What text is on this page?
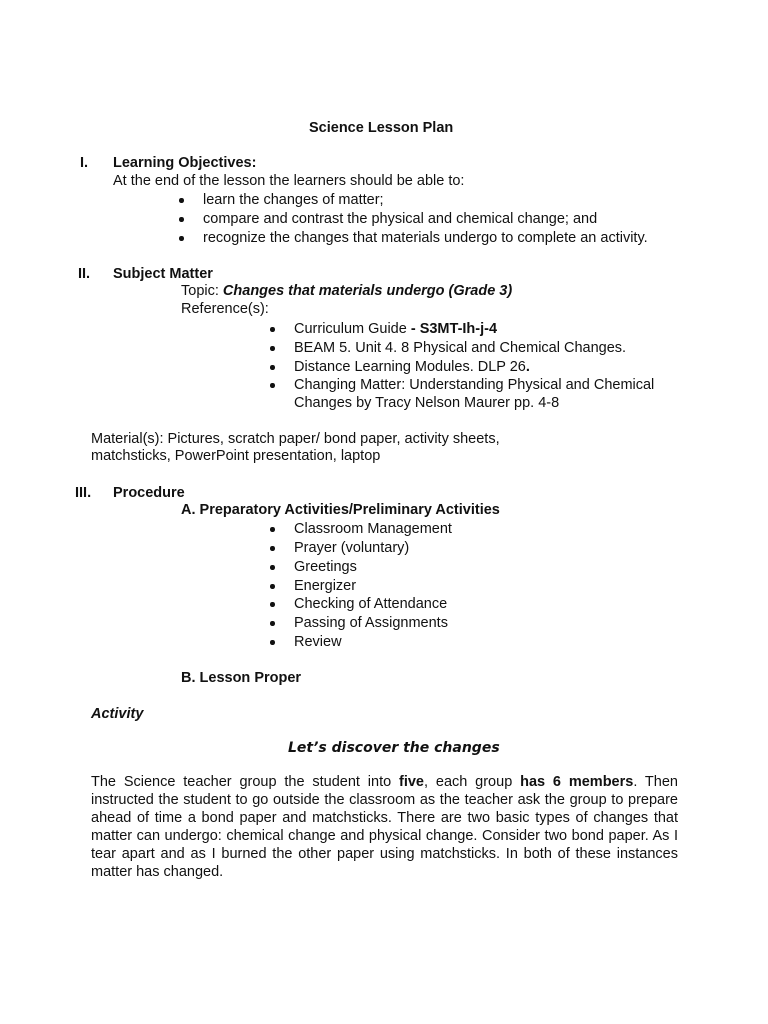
Science Lesson Plan
I. Learning Objectives:
At the end of the lesson the learners should be able to:
learn the changes of matter;
compare and contrast the physical and chemical change; and
recognize the changes that materials undergo to complete an activity.
II. Subject Matter
Topic: Changes that materials undergo (Grade 3)
Reference(s):
Curriculum Guide - S3MT-Ih-j-4
BEAM 5. Unit 4. 8 Physical and Chemical Changes.
Distance Learning Modules. DLP 26.
Changing Matter: Understanding Physical and Chemical
Changes by Tracy Nelson Maurer pp. 4-8
Material(s): Pictures, scratch paper/ bond paper, activity sheets,
matchsticks, PowerPoint presentation, laptop
III. Procedure
A. Preparatory Activities/Preliminary Activities
Classroom Management
Prayer (voluntary)
Greetings
Energizer
Checking of Attendance
Passing of Assignments
Review
B. Lesson Proper
Activity
Let’s discover the changes

The Science teacher group the student into five, each group has 6 members. Then instructed the student to go outside the classroom as the teacher ask the group to prepare ahead of time a bond paper and matchsticks. There are two basic types of changes that matter can undergo: chemical change and physical change. Consider two bond paper. As I tear apart and as I burned the other paper using matchsticks. In both of these instances matter has changed.
